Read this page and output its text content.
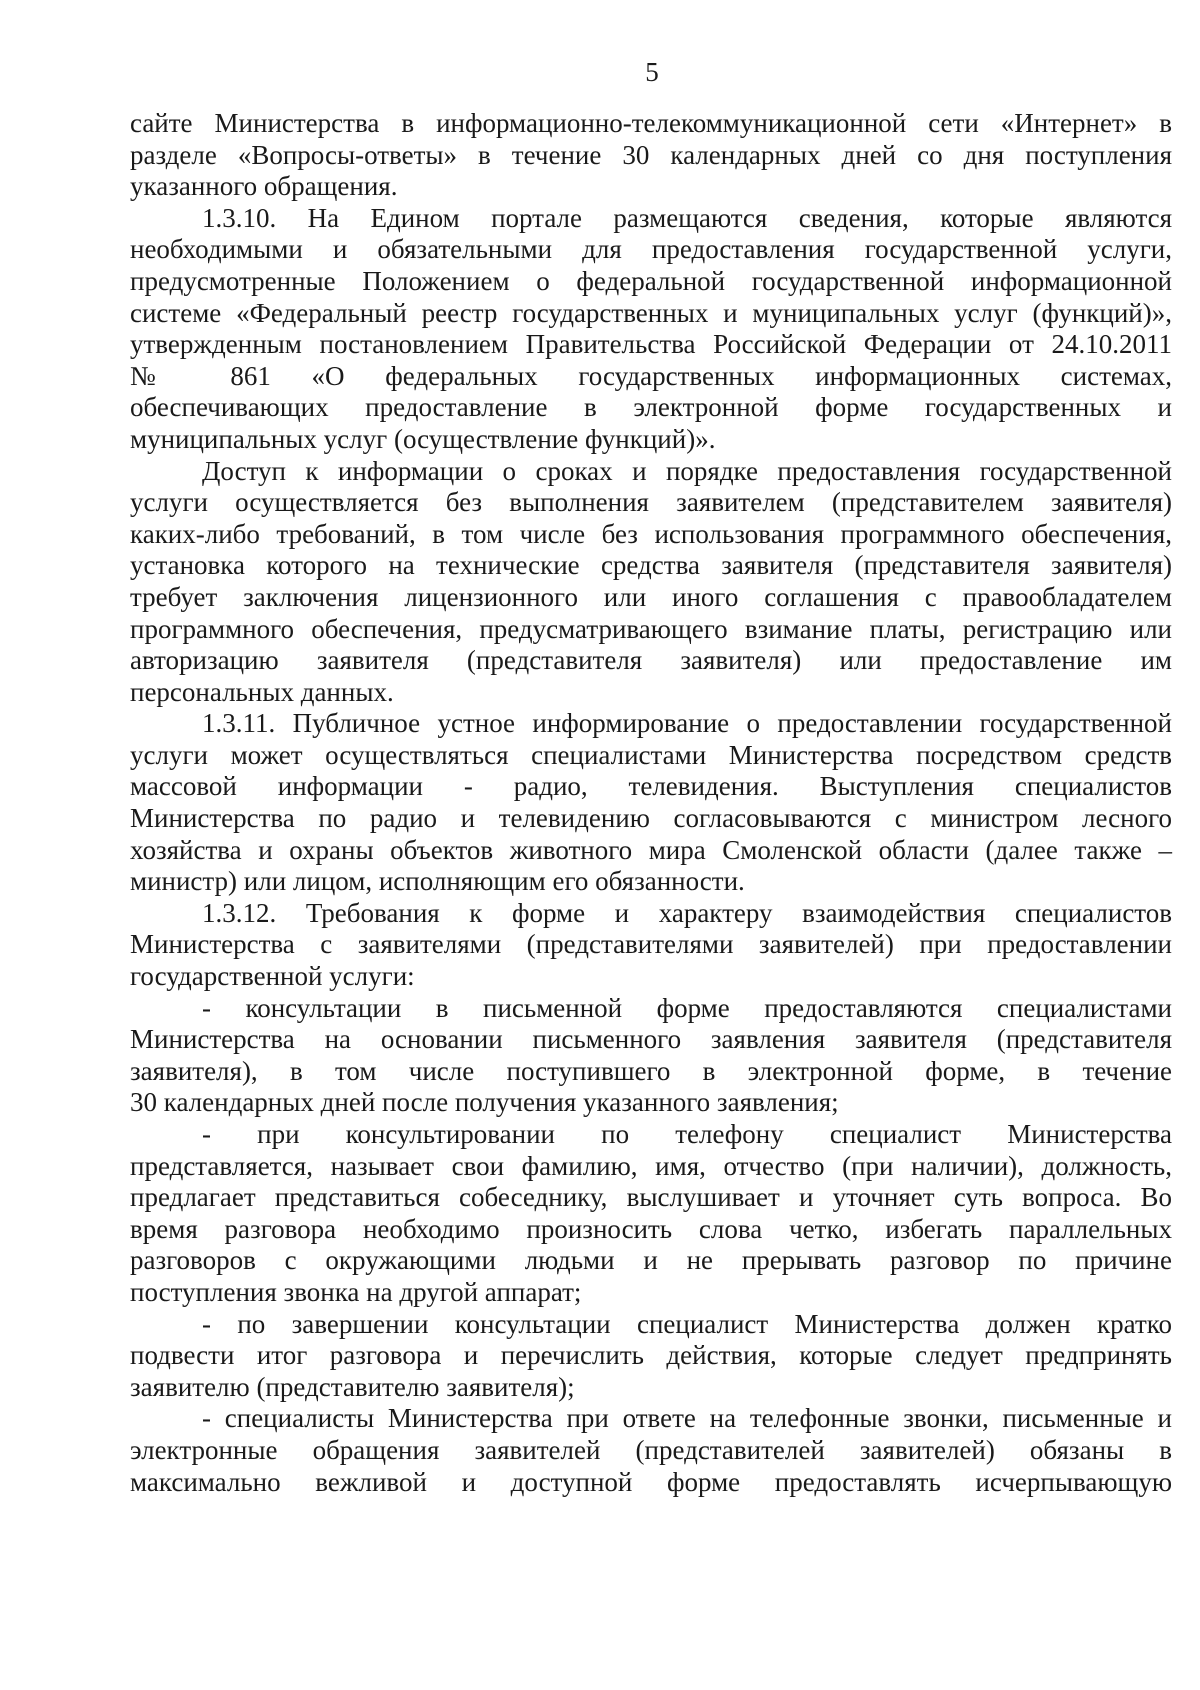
5
сайте Министерства в информационно-телекоммуникационной сети «Интернет» в
разделе «Вопросы-ответы» в течение 30 календарных дней со дня поступления
указанного обращения.
1.3.10. На Едином портале размещаются сведения, которые являются
необходимыми и обязательными для предоставления государственной услуги,
предусмотренные Положением о федеральной государственной информационной
системе «Федеральный реестр государственных и муниципальных услуг (функций)»,
утвержденным постановлением Правительства Российской Федерации от 24.10.2011
№ 861 «О федеральных государственных информационных системах,
обеспечивающих предоставление в электронной форме государственных и
муниципальных услуг (осуществление функций)».
Доступ к информации о сроках и порядке предоставления государственной
услуги осуществляется без выполнения заявителем (представителем заявителя)
каких-либо требований, в том числе без использования программного обеспечения,
установка которого на технические средства заявителя (представителя заявителя)
требует заключения лицензионного или иного соглашения с правообладателем
программного обеспечения, предусматривающего взимание платы, регистрацию или
авторизацию заявителя (представителя заявителя) или предоставление им
персональных данных.
1.3.11. Публичное устное информирование о предоставлении государственной
услуги может осуществляться специалистами Министерства посредством средств
массовой информации - радио, телевидения. Выступления специалистов
Министерства по радио и телевидению согласовываются с министром лесного
хозяйства и охраны объектов животного мира Смоленской области (далее также –
министр) или лицом, исполняющим его обязанности.
1.3.12. Требования к форме и характеру взаимодействия специалистов
Министерства с заявителями (представителями заявителей) при предоставлении
государственной услуги:
- консультации в письменной форме предоставляются специалистами
Министерства на основании письменного заявления заявителя (представителя
заявителя), в том числе поступившего в электронной форме, в течение
30 календарных дней после получения указанного заявления;
- при консультировании по телефону специалист Министерства
представляется, называет свои фамилию, имя, отчество (при наличии), должность,
предлагает представиться собеседнику, выслушивает и уточняет суть вопроса. Во
время разговора необходимо произносить слова четко, избегать параллельных
разговоров с окружающими людьми и не прерывать разговор по причине
поступления звонка на другой аппарат;
- по завершении консультации специалист Министерства должен кратко
подвести итог разговора и перечислить действия, которые следует предпринять
заявителю (представителю заявителя);
- специалисты Министерства при ответе на телефонные звонки, письменные и
электронные обращения заявителей (представителей заявителей) обязаны в
максимально вежливой и доступной форме предоставлять исчерпывающую
